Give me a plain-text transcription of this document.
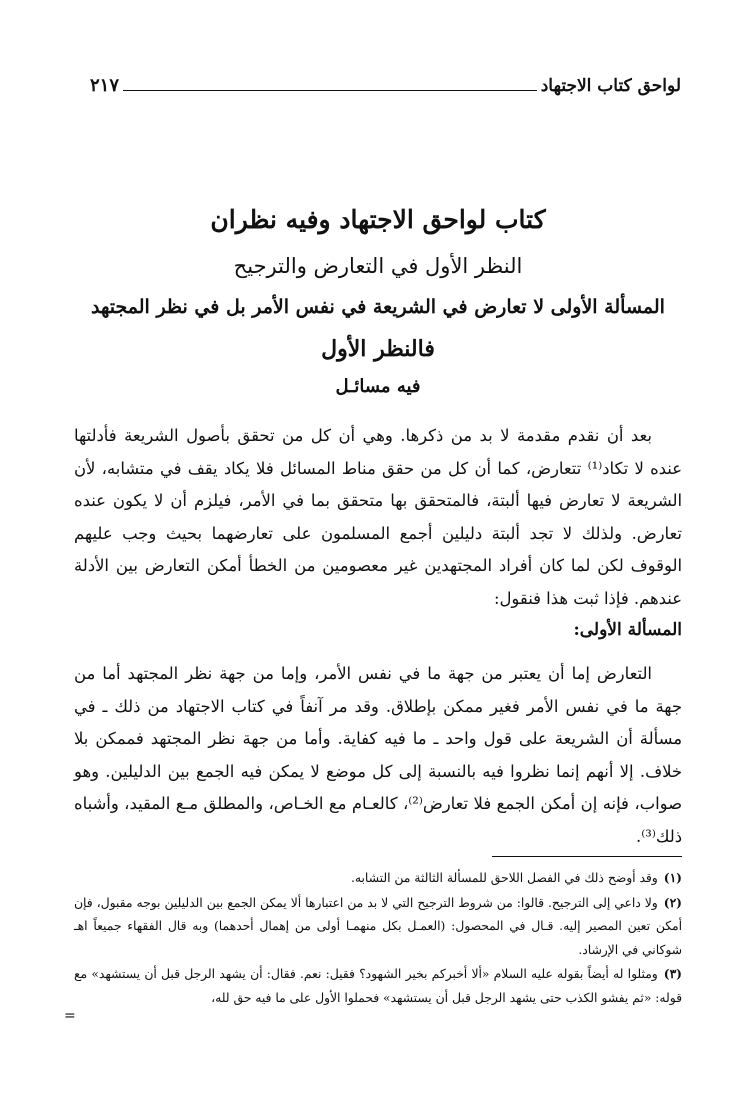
لواحق كتاب الاجتهاد
٢١٧
كتاب لواحق الاجتهاد وفيه نظران
النظر الأول في التعارض والترجيح
المسألة الأولى لا تعارض في الشريعة في نفس الأمر بل في نظر المجتهد
فالنظر الأول
فيه مسائـل

بعد أن نقدم مقدمة لا بد من ذكرها. وهي أن كل من تحقق بأصول الشريعة فأدلتها عنده لا تكاد⁽¹⁾ تتعارض، كما أن كل من حقق مناط المسائل فلا يكاد يقف في متشابه، لأن الشريعة لا تعارض فيها ألبتة، فالمتحقق بها متحقق بما في الأمر، فيلزم أن لا يكون عنده تعارض. ولذلك لا تجد ألبتة دليلين أجمع المسلمون على تعارضهما بحيث وجب عليهم الوقوف لكن لما كان أفراد المجتهدين غير معصومين من الخطأ أمكن التعارض بين الأدلة عندهم. فإذا ثبت هذا فنقول:

المسألة الأولى:

التعارض إما أن يعتبر من جهة ما في نفس الأمر، وإما من جهة نظر المجتهد أما من جهة ما في نفس الأمر فغير ممكن بإطلاق. وقد مر آنفاً في كتاب الاجتهاد من ذلك ـ في مسألة أن الشريعة على قول واحد ـ ما فيه كفاية. وأما من جهة نظر المجتهد فممكن بلا خلاف. إلا أنهم إنما نظروا فيه بالنسبة إلى كل موضع لا يمكن فيه الجمع بين الدليلين. وهو صواب، فإنه إن أمكن الجمع فلا تعارض⁽²⁾، كالعـام مع الخـاص، والمطلق مـع المقيد، وأشباه ذلك⁽³⁾.

(١)وقد أوضح ذلك في الفصل اللاحق للمسألة الثالثة من التشابه.

(٢)ولا داعي إلى الترجيح. قالوا: من شروط الترجيح التي لا بد من اعتبارها ألا يمكن الجمع بين الدليلين بوجه مقبول، فإن أمكن تعين المصير إليه. قـال في المحصول: (العمـل بكل منهمـا أولى من إهمال أحدهما) وبه قال الفقهاء جميعاً اهـ شوكاني في الإرشاد.

(٣)ومثلوا له أيضاً بقوله عليه السلام «ألا أخبركم بخير الشهود؟ فقيل: نعم. فقال: أن يشهد الرجل قبل أن يستشهد» مع قوله: «ثم يفشو الكذب حتى يشهد الرجل قبل أن يستشهد» فحملوا الأول على ما فيه حق لله،

=
